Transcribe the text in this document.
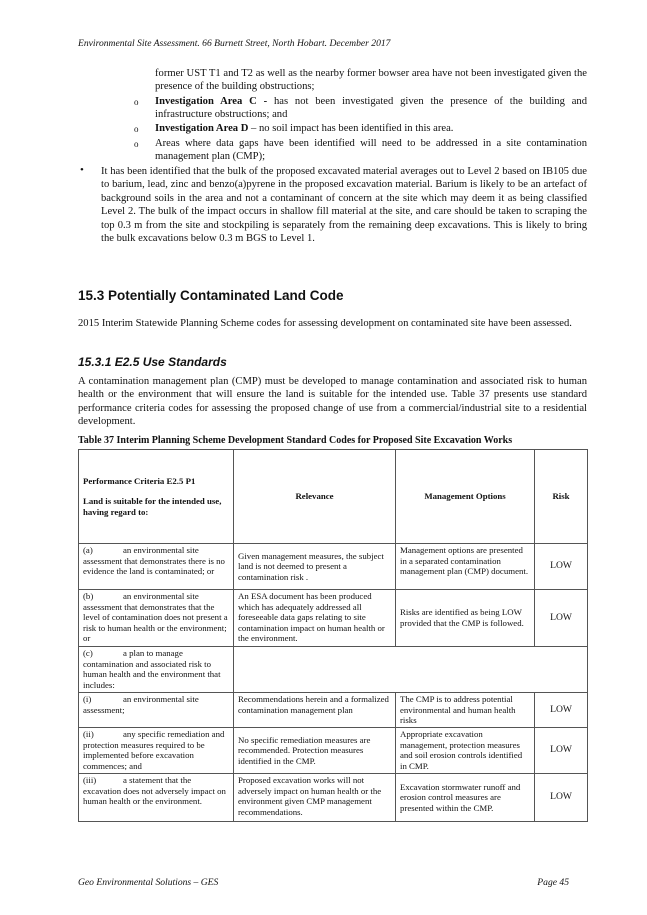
Environmental Site Assessment. 66 Burnett Street, North Hobart. December 2017
former UST T1 and T2 as well as the nearby former bowser area have not been investigated given the presence of the building obstructions;
o Investigation Area C - has not been investigated given the presence of the building and infrastructure obstructions; and
o Investigation Area D – no soil impact has been identified in this area.
o Areas where data gaps have been identified will need to be addressed in a site contamination management plan (CMP);
• It has been identified that the bulk of the proposed excavated material averages out to Level 2 based on IB105 due to barium, lead, zinc and benzo(a)pyrene in the proposed excavation material. Barium is likely to be an artefact of background soils in the area and not a contaminant of concern at the site which may deem it as being classified Level 2. The bulk of the impact occurs in shallow fill material at the site, and care should be taken to scraping the top 0.3 m from the site and stockpiling is separately from the remaining deep excavations. This is likely to bring the bulk excavations below 0.3 m BGS to Level 1.
15.3 Potentially Contaminated Land Code
2015 Interim Statewide Planning Scheme codes for assessing development on contaminated site have been assessed.
15.3.1 E2.5 Use Standards
A contamination management plan (CMP) must be developed to manage contamination and associated risk to human health or the environment that will ensure the land is suitable for the intended use. Table 37 presents use standard performance criteria codes for assessing the proposed change of use from a commercial/industrial site to a residential development.
Table 37 Interim Planning Scheme Development Standard Codes for Proposed Site Excavation Works
Performance Criteria E2.5 P1
Land is suitable for the intended use, having regard to:	Relevance	Management Options	Risk
(a) an environmental site assessment that demonstrates there is no evidence the land is contaminated; or	Given management measures, the subject land is not deemed to present a contamination risk .	Management options are presented in a separated contamination management plan (CMP) document.	LOW
(b) an environmental site assessment that demonstrates that the level of contamination does not present a risk to human health or the environment; or	An ESA document has been produced which has adequately addressed all foreseeable data gaps relating to site contamination impact on human health or the environment.	Risks are identified as being LOW provided that the CMP is followed.	LOW
(c) a plan to manage contamination and associated risk to human health and the environment that includes:			
(i) an environmental site assessment;	Recommendations herein and a formalized contamination management plan	The CMP is to address potential environmental and human health risks	LOW
(ii) any specific remediation and protection measures required to be implemented before excavation commences; and	No specific remediation measures are recommended. Protection measures identified in the CMP.	Appropriate excavation management, protection measures and soil erosion controls identified in CMP.	LOW
(iii) a statement that the excavation does not adversely impact on human health or the environment.	Proposed excavation works will not adversely impact on human health or the environment given CMP management recommendations.	Excavation stormwater runoff and erosion control measures are presented within the CMP.	LOW
Geo Environmental Solutions – GES	Page 45
